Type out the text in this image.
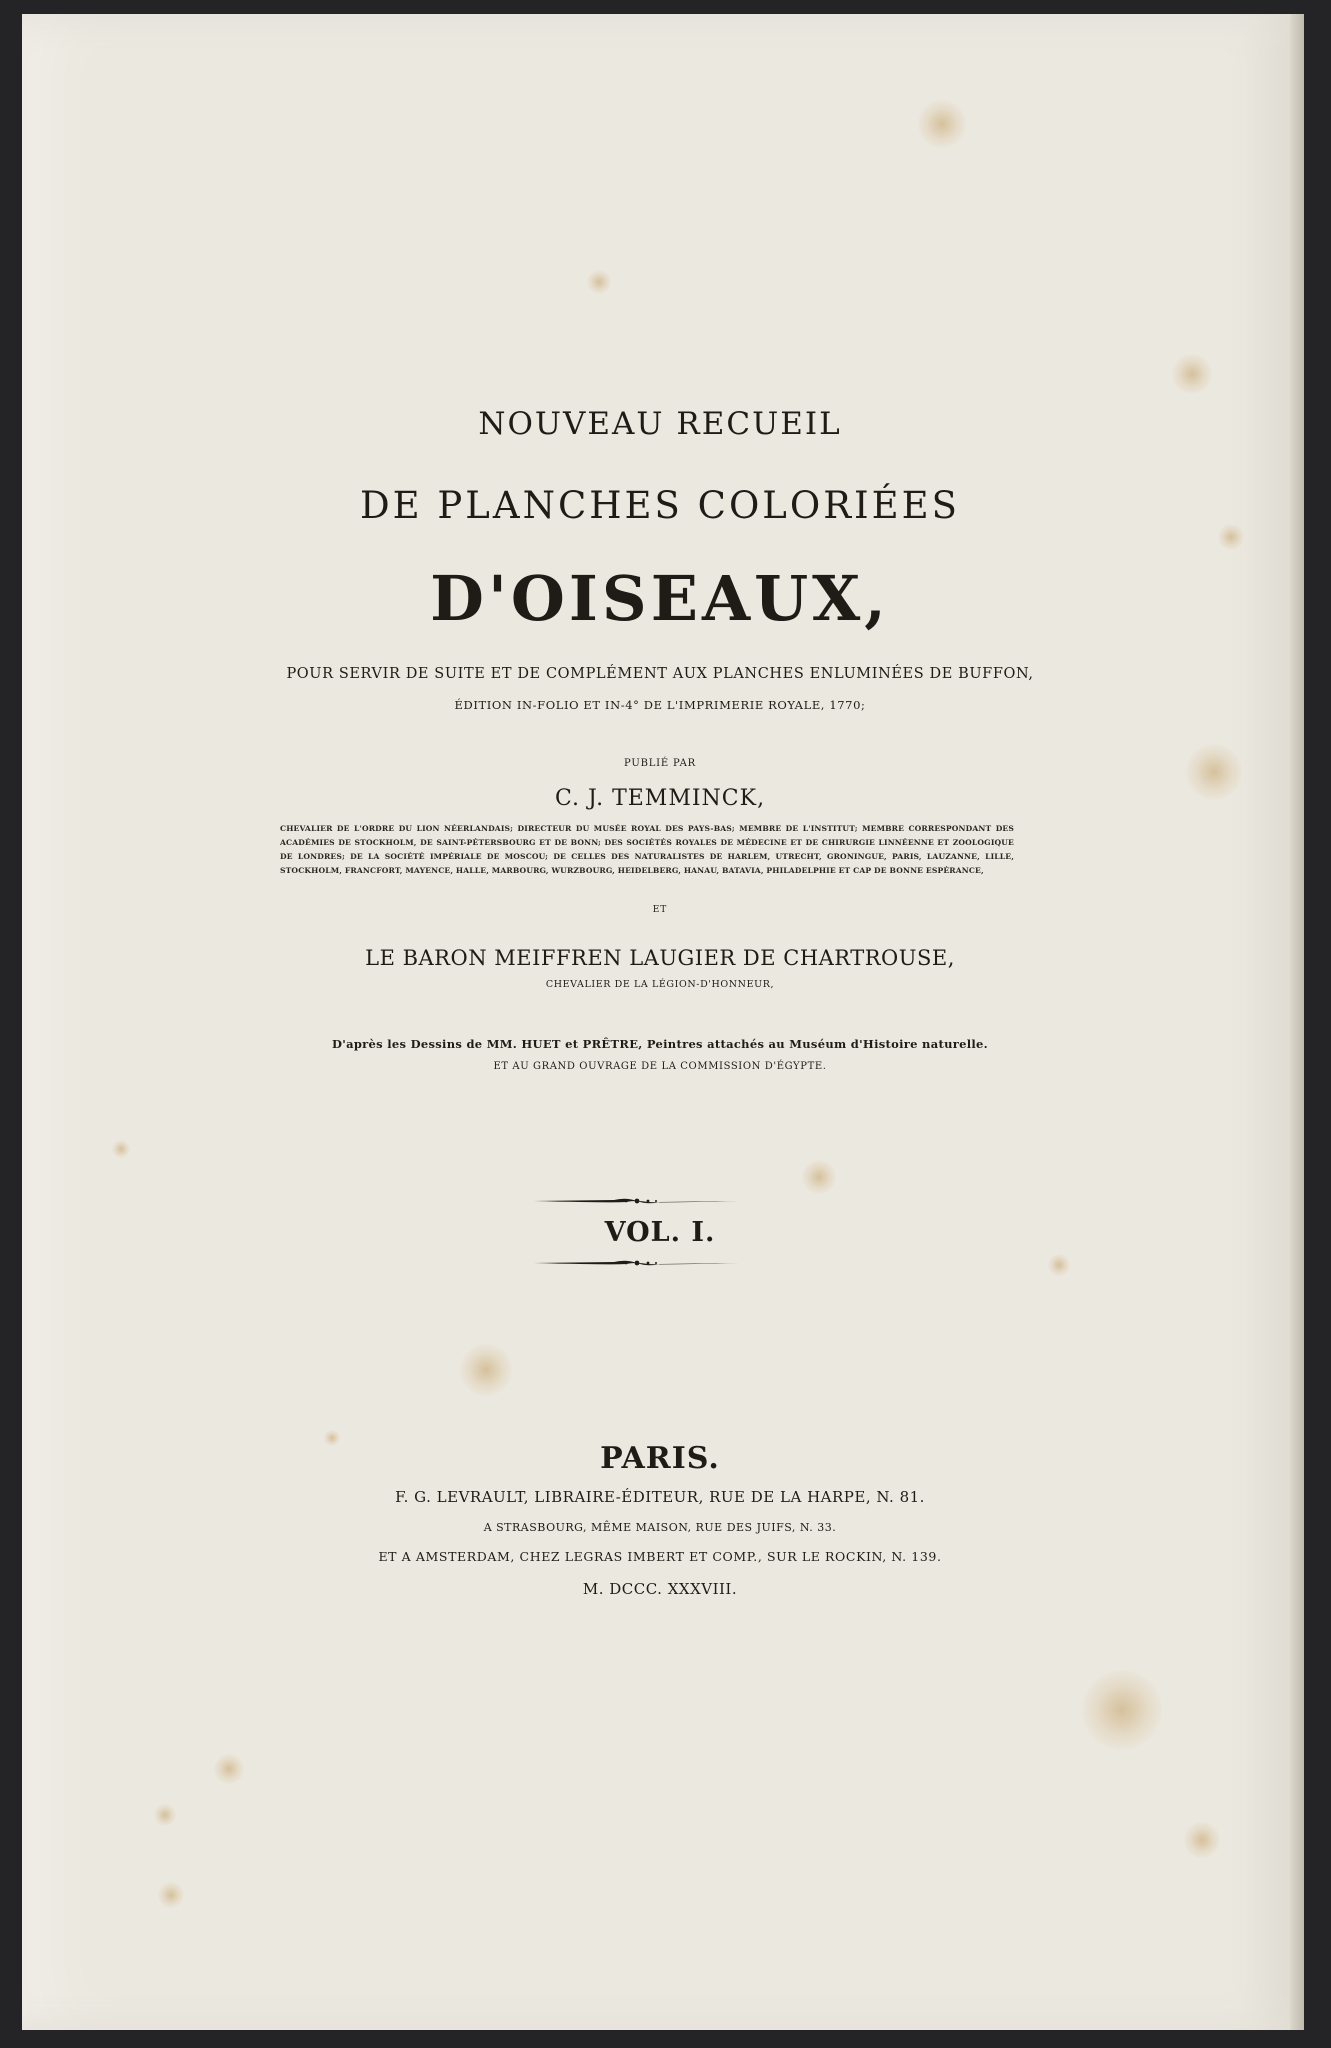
NOUVEAU RECUEIL
DE PLANCHES COLORIÉES
D'OISEAUX,
POUR SERVIR DE SUITE ET DE COMPLÉMENT AUX PLANCHES ENLUMINÉES DE BUFFON,
ÉDITION IN-FOLIO ET IN-4° DE L'IMPRIMERIE ROYALE, 1770;
PUBLIÉ PAR
C. J. TEMMINCK,
CHEVALIER DE L'ORDRE DU LION NÉERLANDAIS; DIRECTEUR DU MUSÉE ROYAL DES PAYS-BAS; MEMBRE DE L'INSTITUT; MEMBRE CORRESPONDANT DES ACADÉMIES DE STOCKHOLM, DE SAINT-PÉTERSBOURG ET DE BONN; DES SOCIÉTÉS ROYALES DE MÉDECINE ET DE CHIRURGIE LINNÉENNE ET ZOOLOGIQUE DE LONDRES; DE LA SOCIÉTÉ IMPÉRIALE DE MOSCOU; DE CELLES DES NATURALISTES DE HARLEM, UTRECHT, GRONINGUE, PARIS, LAUZANNE, LILLE, STOCKHOLM, FRANCFORT, MAYENCE, HALLE, MARBOURG, WURZBOURG, HEIDELBERG, HANAU, BATAVIA, PHILADELPHIE ET CAP DE BONNE ESPÉRANCE,
ET
LE BARON MEIFFREN LAUGIER DE CHARTROUSE,
CHEVALIER DE LA LÉGION-D'HONNEUR,
D'après les Dessins de MM. HUET et PRÊTRE, Peintres attachés au Muséum d'Histoire naturelle.
ET AU GRAND OUVRAGE DE LA COMMISSION D'ÉGYPTE.
VOL. I.
PARIS.
F. G. LEVRAULT, LIBRAIRE-ÉDITEUR, RUE DE LA HARPE, N. 81.
A STRASBOURG, MÊME MAISON, RUE DES JUIFS, N. 33.
ET A AMSTERDAM, CHEZ LEGRAS IMBERT ET COMP., SUR LE ROCKIN, N. 139.
M. DCCC. XXXVIII.
